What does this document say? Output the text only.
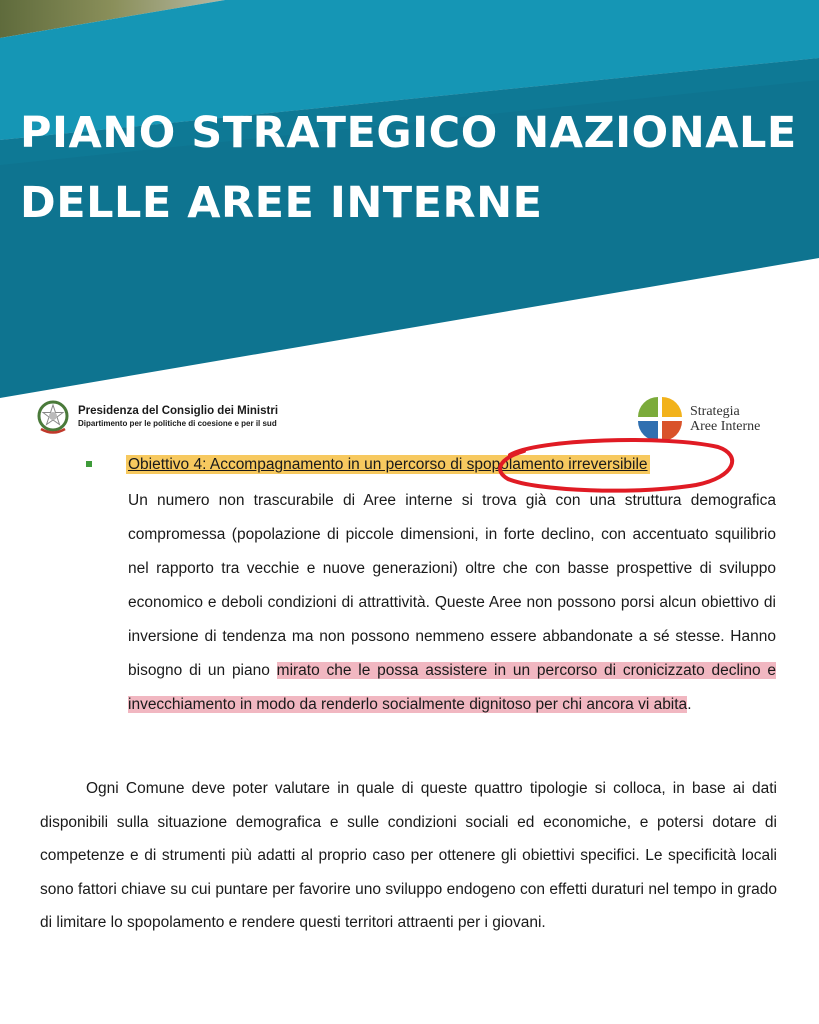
PIANO STRATEGICO NAZIONALE
DELLE AREE INTERNE
Presidenza del Consiglio dei Ministri
Dipartimento per le politiche di coesione e per il sud
Strategia
Aree Interne
Obiettivo 4: Accompagnamento in un percorso di spopolamento irreversibile
Un numero non trascurabile di Aree interne si trova già con una struttura demografica compromessa (popolazione di piccole dimensioni, in forte declino, con accentuato squilibrio nel rapporto tra vecchie e nuove generazioni) oltre che con basse prospettive di sviluppo economico e deboli condizioni di attrattività. Queste Aree non possono porsi alcun obiettivo di inversione di tendenza ma non possono nemmeno essere abbandonate a sé stesse. Hanno bisogno di un piano mirato che le possa assistere in un percorso di cronicizzato declino e invecchiamento in modo da renderlo socialmente dignitoso per chi ancora vi abita.
Ogni Comune deve poter valutare in quale di queste quattro tipologie si colloca, in base ai dati disponibili sulla situazione demografica e sulle condizioni sociali ed economiche, e potersi dotare di competenze e di strumenti più adatti al proprio caso per ottenere gli obiettivi specifici. Le specificità locali sono fattori chiave su cui puntare per favorire uno sviluppo endogeno con effetti duraturi nel tempo in grado di limitare lo spopolamento e rendere questi territori attraenti per i giovani.
